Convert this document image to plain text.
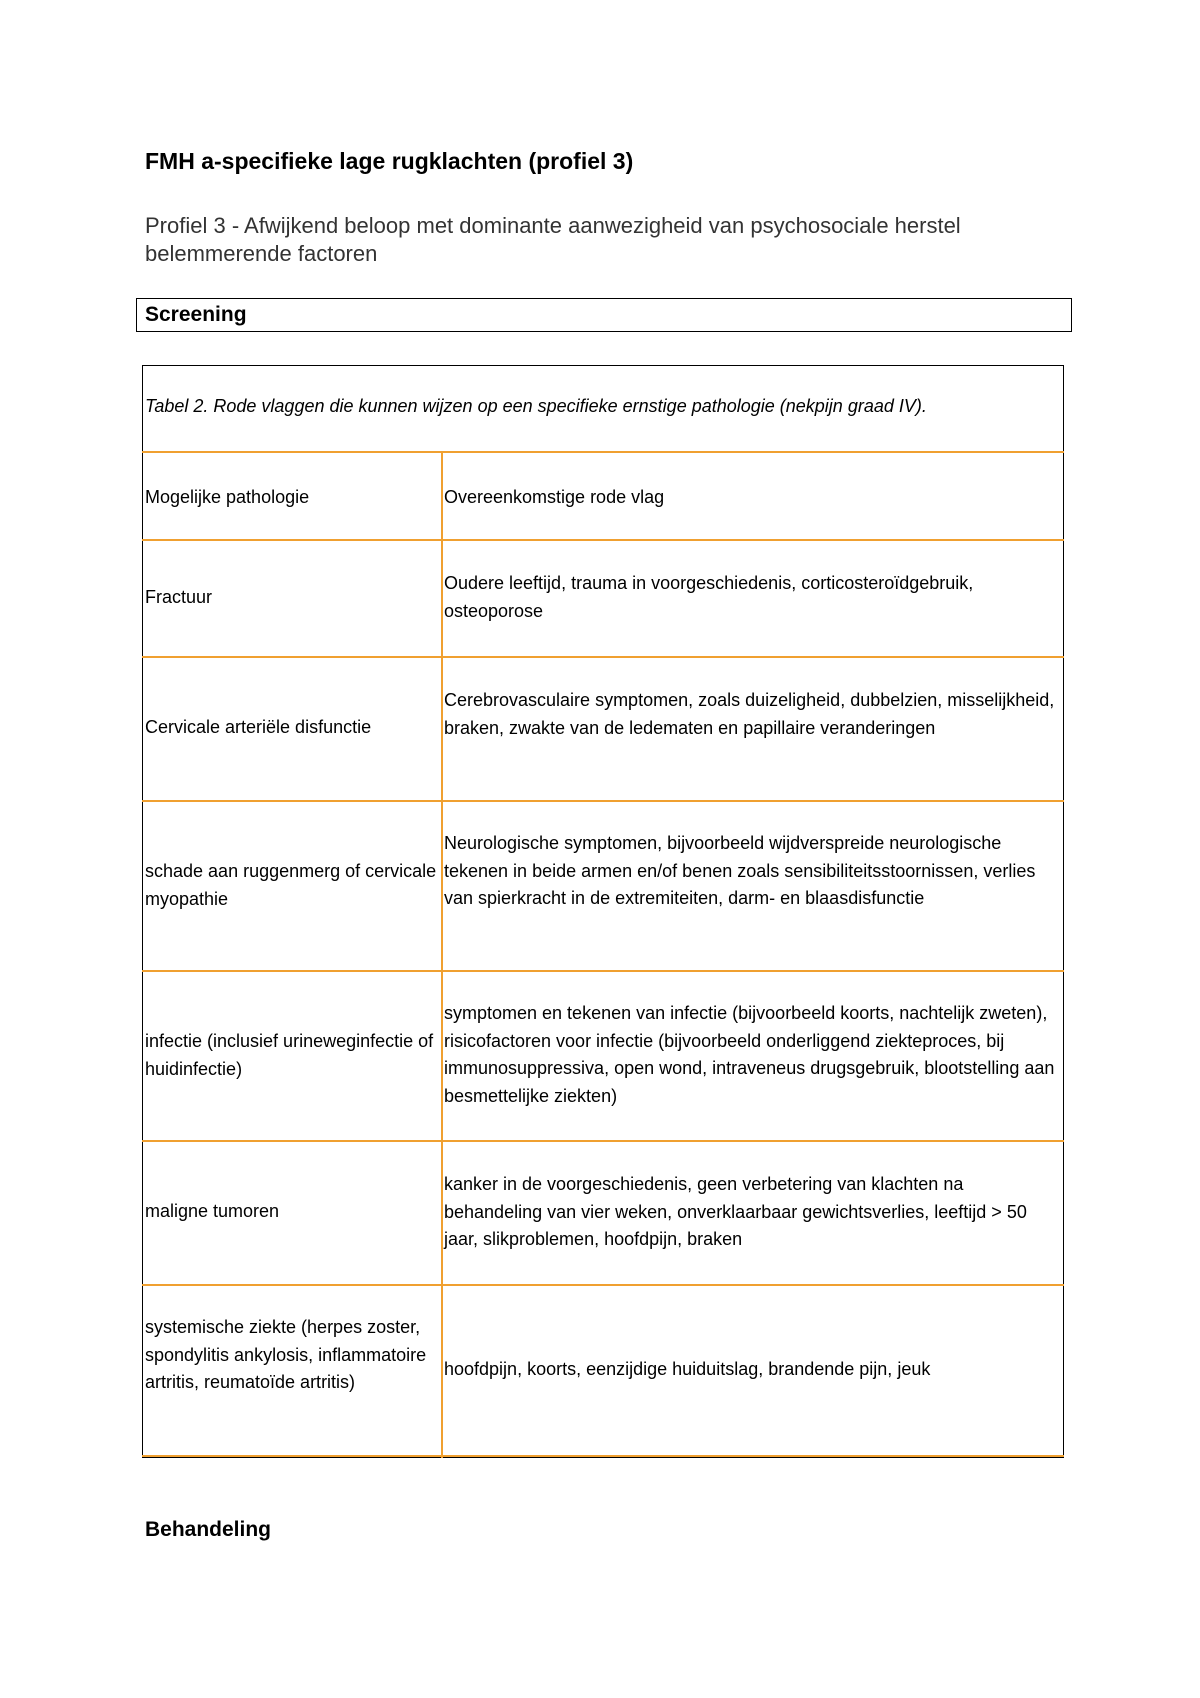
FMH a-specifieke lage rugklachten (profiel 3)

Profiel 3 - Afwijkend beloop met dominante aanwezigheid van psychosociale herstel belemmerende factoren

Screening

Tabel 2. Rode vlaggen die kunnen wijzen op een specifieke ernstige pathologie (nekpijn graad IV).

Mogelijke pathologie	Overeenkomstige rode vlag
Fractuur
Oudere leeftijd, trauma in voorgeschiedenis, corticosteroïdgebruik, osteoporose
Cervicale arteriële disfunctie
Cerebrovasculaire symptomen, zoals duizeligheid, dubbelzien, misselijkheid, braken, zwakte van de ledematen en papillaire veranderingen
schade aan ruggenmerg of cervicale myopathie
Neurologische symptomen, bijvoorbeeld wijdverspreide neurologische tekenen in beide armen en/of benen zoals sensibiliteitsstoornissen, verlies van spierkracht in de extremiteiten, darm- en blaasdisfunctie
infectie (inclusief urineweginfectie of huidinfectie)
symptomen en tekenen van infectie (bijvoorbeeld koorts, nachtelijk zweten), risicofactoren voor infectie (bijvoorbeeld onderliggend ziekteproces, bij immunosuppressiva, open wond, intraveneus drugsgebruik, blootstelling aan besmettelijke ziekten)
maligne tumoren
kanker in de voorgeschiedenis, geen verbetering van klachten na behandeling van vier weken, onverklaarbaar gewichtsverlies, leeftijd > 50 jaar, slikproblemen, hoofdpijn, braken
systemische ziekte (herpes zoster, spondylitis ankylosis, inflammatoire artritis, reumatoïde artritis)
hoofdpijn, koorts, eenzijdige huiduitslag, brandende pijn, jeuk
Behandeling
